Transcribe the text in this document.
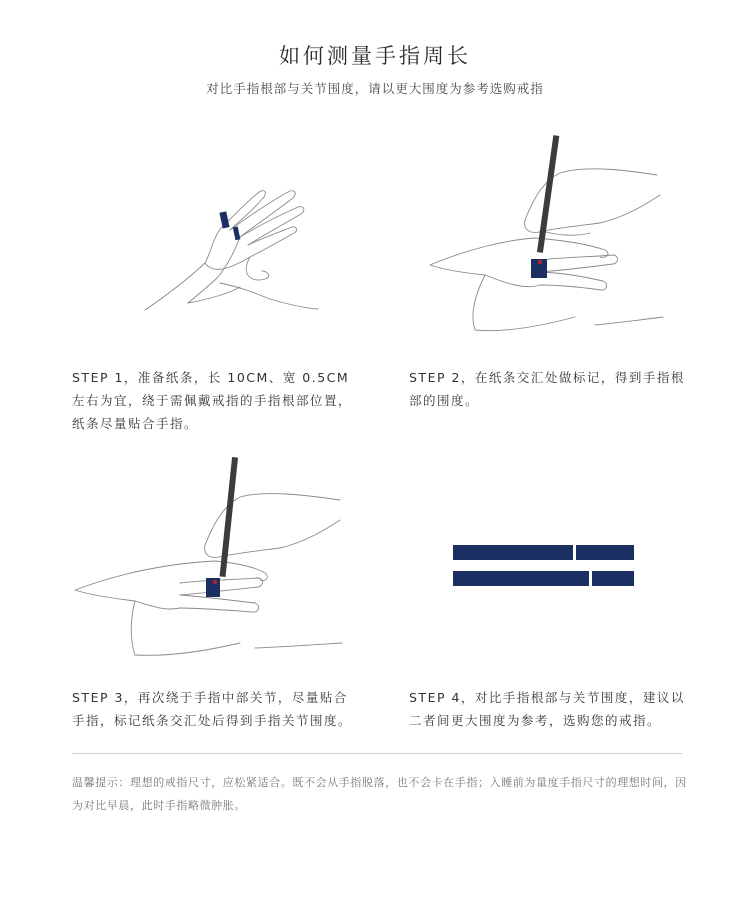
如何测量手指周长
对比手指根部与关节围度，请以更大围度为参考选购戒指
STEP 1，准备纸条，长 10CM、宽 0.5CM 左右为宜，绕于需佩戴戒指的手指根部位置，纸条尽量贴合手指。
STEP 2，在纸条交汇处做标记，得到手指根部的围度。
STEP 3，再次绕于手指中部关节，尽量贴合手指，标记纸条交汇处后得到手指关节围度。
STEP 4，对比手指根部与关节围度，建议以二者间更大围度为参考，选购您的戒指。
温馨提示：理想的戒指尺寸，应松紧适合。既不会从手指脱落，也不会卡在手指；入睡前为量度手指尺寸的理想时间，因为对比早晨，此时手指略微肿胀。
